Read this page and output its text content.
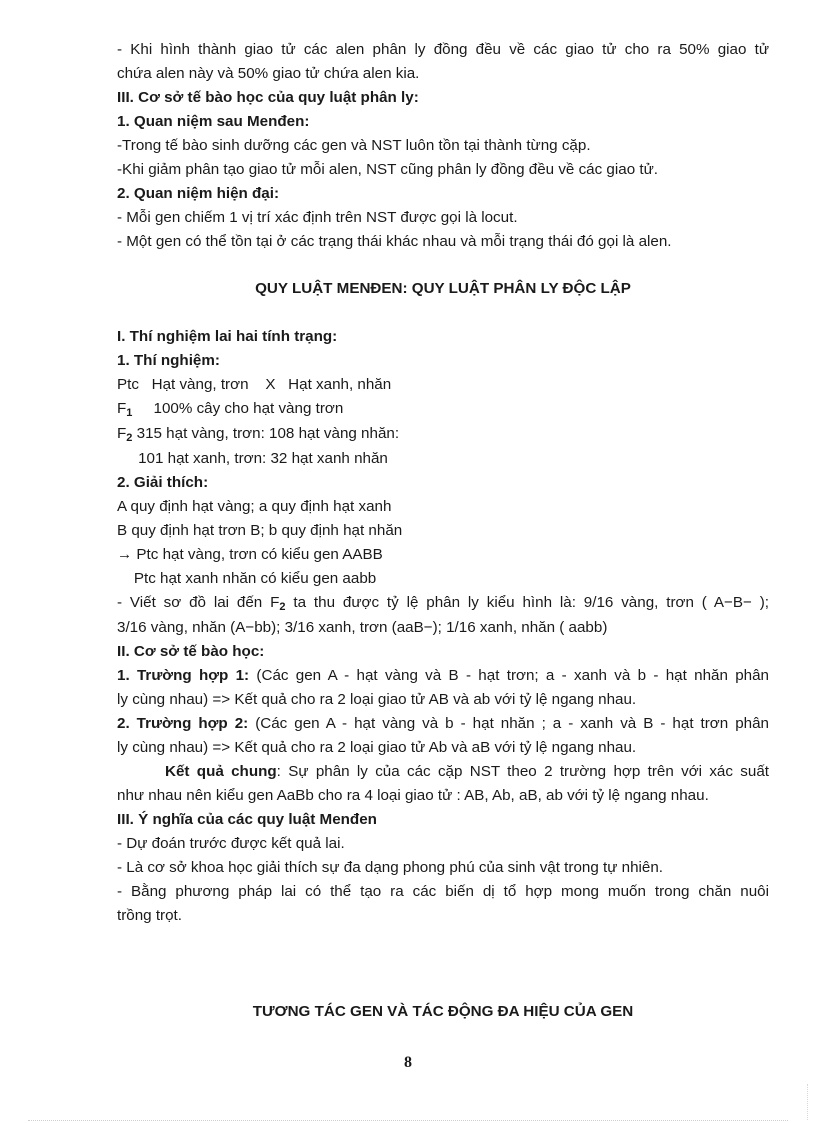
- Khi hình thành giao tử các alen phân ly đồng đều về các giao tử cho ra 50% giao tử
chứa alen này và 50% giao tử chứa alen kia.
III. Cơ sở tế bào học của quy luật phân ly:
1. Quan niệm sau Menđen:
-Trong tế bào sinh dưỡng các gen và NST luôn tồn tại thành từng cặp.
-Khi giảm phân tạo giao tử mỗi alen, NST cũng phân ly đồng đều về các giao tử.
2. Quan niệm hiện đại:
- Mỗi gen chiếm 1 vị trí xác định trên NST được gọi là locut.
- Một gen có thể tồn tại ở các trạng thái khác nhau và mỗi trạng thái đó gọi là alen.
QUY LUẬT MENĐEN: QUY LUẬT PHÂN LY ĐỘC LẬP
I. Thí nghiệm lai hai tính trạng:
1. Thí nghiệm:
Ptc   Hạt vàng, trơn    X   Hạt xanh, nhăn
F1     100% cây cho hạt vàng trơn
F2 315 hạt vàng, trơn: 108 hạt vàng nhăn:
101 hạt xanh, trơn: 32 hạt xanh nhăn
2. Giải thích:
A quy định hạt vàng; a quy định hạt xanh
B quy định hạt trơn B; b quy định hạt nhăn
→ Ptc hạt vàng, trơn có kiểu gen AABB
Ptc hạt xanh nhăn có kiểu gen aabb
- Viết sơ đồ lai đến F2 ta thu được tỷ lệ phân ly kiểu hình là: 9/16 vàng, trơn ( A−B− );
3/16 vàng, nhăn (A−bb); 3/16 xanh, trơn (aaB−); 1/16 xanh, nhăn ( aabb)
II. Cơ sở tế bào học:
1. Trường hợp 1: (Các gen A - hạt vàng và B - hạt trơn; a - xanh và b - hạt nhăn phân
ly cùng nhau) => Kết quả cho ra 2 loại giao tử AB và ab với tỷ lệ ngang nhau.
2. Trường hợp 2: (Các gen A - hạt vàng và b - hạt nhăn ; a - xanh và B - hạt trơn phân
ly cùng nhau) => Kết quả cho ra 2 loại giao tử Ab và aB với tỷ lệ ngang nhau.
Kết quả chung: Sự phân ly của các cặp NST theo 2 trường hợp trên với xác suất
như nhau nên kiểu gen AaBb cho ra 4 loại giao tử : AB, Ab, aB, ab với tỷ lệ ngang nhau.
III. Ý nghĩa của các quy luật Menđen
- Dự đoán trước được kết quả lai.
- Là cơ sở khoa học giải thích sự đa dạng phong phú của sinh vật trong tự nhiên.
- Bằng phương pháp lai có thể tạo ra các biến dị tổ hợp mong muốn trong chăn nuôi
trồng trọt.
TƯƠNG TÁC GEN VÀ TÁC ĐỘNG ĐA HIỆU CỦA GEN
8
